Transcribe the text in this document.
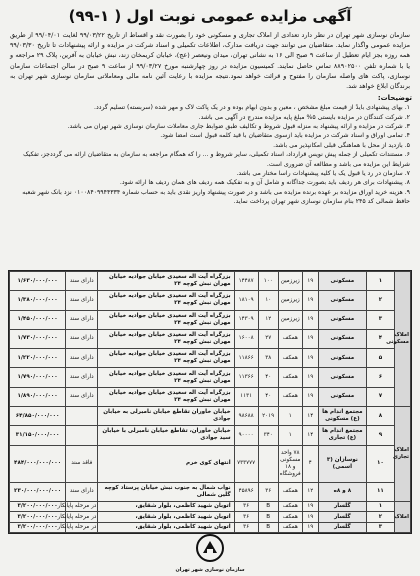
آگهی مزایده عمومی نوبت اول ( ۱-۹۹)
سازمان نوسازی شهر تهران در نظر دارد تعدادی از املاک تجاری و مسکونی خود را بصورت نقد و اقساط از تاریخ ۹۹/۰۳/۲۲ لغایت ۹۹/۰۴/۰۱ از طریق مزایده عمومی واگذار نماید. متقاضیان می توانند جهت دریافت مدارک، اطلاعات تکمیلی و اسناد شرکت در مزایده و ارائه پیشنهادات تا تاریخ ۹۹/۰۳/۳۰ همه روزه بجز ایام تعطیل از ساعت ۹ صبح الی ۱۶ به نشانی تهران، میدان ونیعصر (عج)، خیابان کریمخان زند، نبش خیابان به آفرین، پلاک ۲۹ مراجعه و یا با شماره تلفن ۸۸۹۰۲۵۰۰ تماس حاصل نمایند. کمیسیون مزایده در روز چهارشنبه مورخ ۹۹/۰۳/۲۷ از ساعت ۹ صبح در سالن اجتماعات سازمان نوسازی، پاکت های واصله سازمان را مفتوح و قرائت خواهد نمود.نتیجه مزایده با رعایت آئین نامه مالی ومعاملاتی سازمان نوسازی شهر تهران به برندگان ابلاغ خواهد شد.
توضیحات:
۱. بهای پیشنهادی بایدً از قیمت مبلغ مشخص ، معین و بدون ابهام بوده و در یک پاکت لاک و مهر شده (سربسته) تسلیم گردد.
۲. شرکت کنندگان در مزایده بایستی ۵% مبلغ پایه مزایده مندرج در آگهی می باشد.
۳. شرکت در مزایده و ارائه پیشنهاد به منزله قبول شروط و تکالیف طبق ضوابط جاری معاملات سازمان نوسازی شهر تهران می باشد.
۴. تمامی اوراق و اسناد شرکت در مزایده باید ازسوی متقاضیان با قید کلمه قبول است امضا شود.
۵. بازدید از محل با هماهنگی قبلی امکانپذیر می باشد.
۶. مستندات تکمیلی از جمله پیش نویس قرارداد، اسناد تکمیلی، سایر شروط و ... را که همگام مراجعه به سازمان به متقاضیان ارائه می گرددجز، تفکیک شرایط این مزایده می باشد و مطالعه آن ضروری است.
۷. سازمان در رد یا قبول یک یا کلیه پیشنهادات راسا مختار می باشد.
۸. پیشنهادات برای هر ردیف باید بصورت جداگانه و شامل آن و به تفکیک همه ردیف های همان ردیف ها ارائه شود.
۹. هزینه خرید اوراق مزایده بر عهده برنده مزایده می باشد و در صورت پیشنهاد واریز نقدی باید به حساب شماره ۰۱۰۰۸۴۰۹۹۴۴۳۳۴ نزد بانک شهر شعبه
حافظ شمالی کد ۲۴۵ بنام سازمان نوسازی شهر تهران پرداخت نماید.
املاک مسکونی	۱	مسکونی	۱۹	زیرزمین	۱۰۰	۱۴۴۸۷	بزرگراه آیت اله سعیدی خیابان جوادیه خیابان مهران نبش کوچه ۲۴	دارای سند	۱/۶۳۰/۰۰۰/۰۰۰
	۲	مسکونی	۱۹	زیرزمین	۱۰	۱۸۱۰۹	بزرگراه آیت اله سعیدی خیابان جوادیه خیابان مهران نبش کوچه ۲۴	دارای سند	۱/۳۸۰/۰۰۰/۰۰۰
	۳	مسکونی	۱۹	زیرزمین	۱۲	۱۴۳۰۹	بزرگراه آیت اله سعیدی خیابان جوادیه خیابان مهران نبش کوچه ۲۴	دارای سند	۱/۴۵۰/۰۰۰/۰۰۰
	۴	مسکونی	۱۹	همکف	۲۷	۱۶۰۰۸	بزرگراه آیت اله سعیدی خیابان جوادیه خیابان مهران نبش کوچه ۲۴	دارای سند	۱/۷۳۰/۰۰۰/۰۰۰
	۵	مسکونی	۱۹	همکف	۳۸	۱۱۸۶۶	بزرگراه آیت اله سعیدی خیابان جوادیه خیابان مهران نبش کوچه ۲۴	دارای سند	۱/۲۲۰/۰۰۰/۰۰۰
	۶	مسکونی	۱۹	همکف	۴۰	۱۱۳۶۶	بزرگراه آیت اله سعیدی خیابان جوادیه خیابان مهران نبش کوچه ۲۴	دارای سند	۱/۷۹۰/۰۰۰/۰۰۰
	۷	مسکونی	۱۹	همکف	۴۰	۱۱۳۱	بزرگراه آیت اله سعیدی خیابان جوادیه خیابان مهران نبش کوچه ۲۴	دارای سند	۱/۸۹۰/۰۰۰/۰۰۰
املاک تجاری	۸	مجتمع اندام ها (ع) مسکونی	۱۴	۱	۲۰۱۹	۹۸۶۸۸	خیابان خاوران تقاطع خیابان نامبرلی به خیابان جوادی		۶۴/۸۵۰/۰۰۰/۰۰۰
	۹	مجتمع اندام ها (ع) تجاری	۱۴	۱	۳۴۰	۹۰۰۰۰	خیابان خاوران، تقاطع خیابان نامبرلی با خیابان سید جوادی		۳۱/۱۵۰/۰۰۰/۰۰۰
	۱۰	نوسازان (۳ اسمی)	۴	۷۸ واحد مسکونی و ۱۸ فروشگاه		۷۳۳۷۷۷	انتهای کوی خرم	فاقد سند	۴۸۴/۰۰۰/۰۰۰/۰۰۰
	۱۱	۸ و ۸ه	۱۲	همکف	۳۶	۴۵۸۹۶	نواب شمال به جنوب نبش خیابان پرستاد کوچه گلین شمالی	دارای سند	۲۳۰/۰۰۰/۰۰۰/۰۰۰
املاک	۱	گلسار	۱۹	همکف	B	۳۶	اتوبان شهید کاظمی، بلوار شقایق،	در مرحله پایانکار	۳/۲۰۰/۰۰۰/۰۰۰
	۲	گلسار	۱۹	همکف	B	۳۶	اتوبان شهید کاظمی، بلوار شقایق،	در مرحله پایانکار	۳/۲۰۰/۰۰۰/۰۰۰
	۳	گلسار	۱۹	همکف	B	۳۶	اتوبان شهید کاظمی، بلوار شقایق،	در مرحله پایانکار	۳/۲۰۰/۰۰۰/۰۰۰
سازمان نوسازی شهر تهران
